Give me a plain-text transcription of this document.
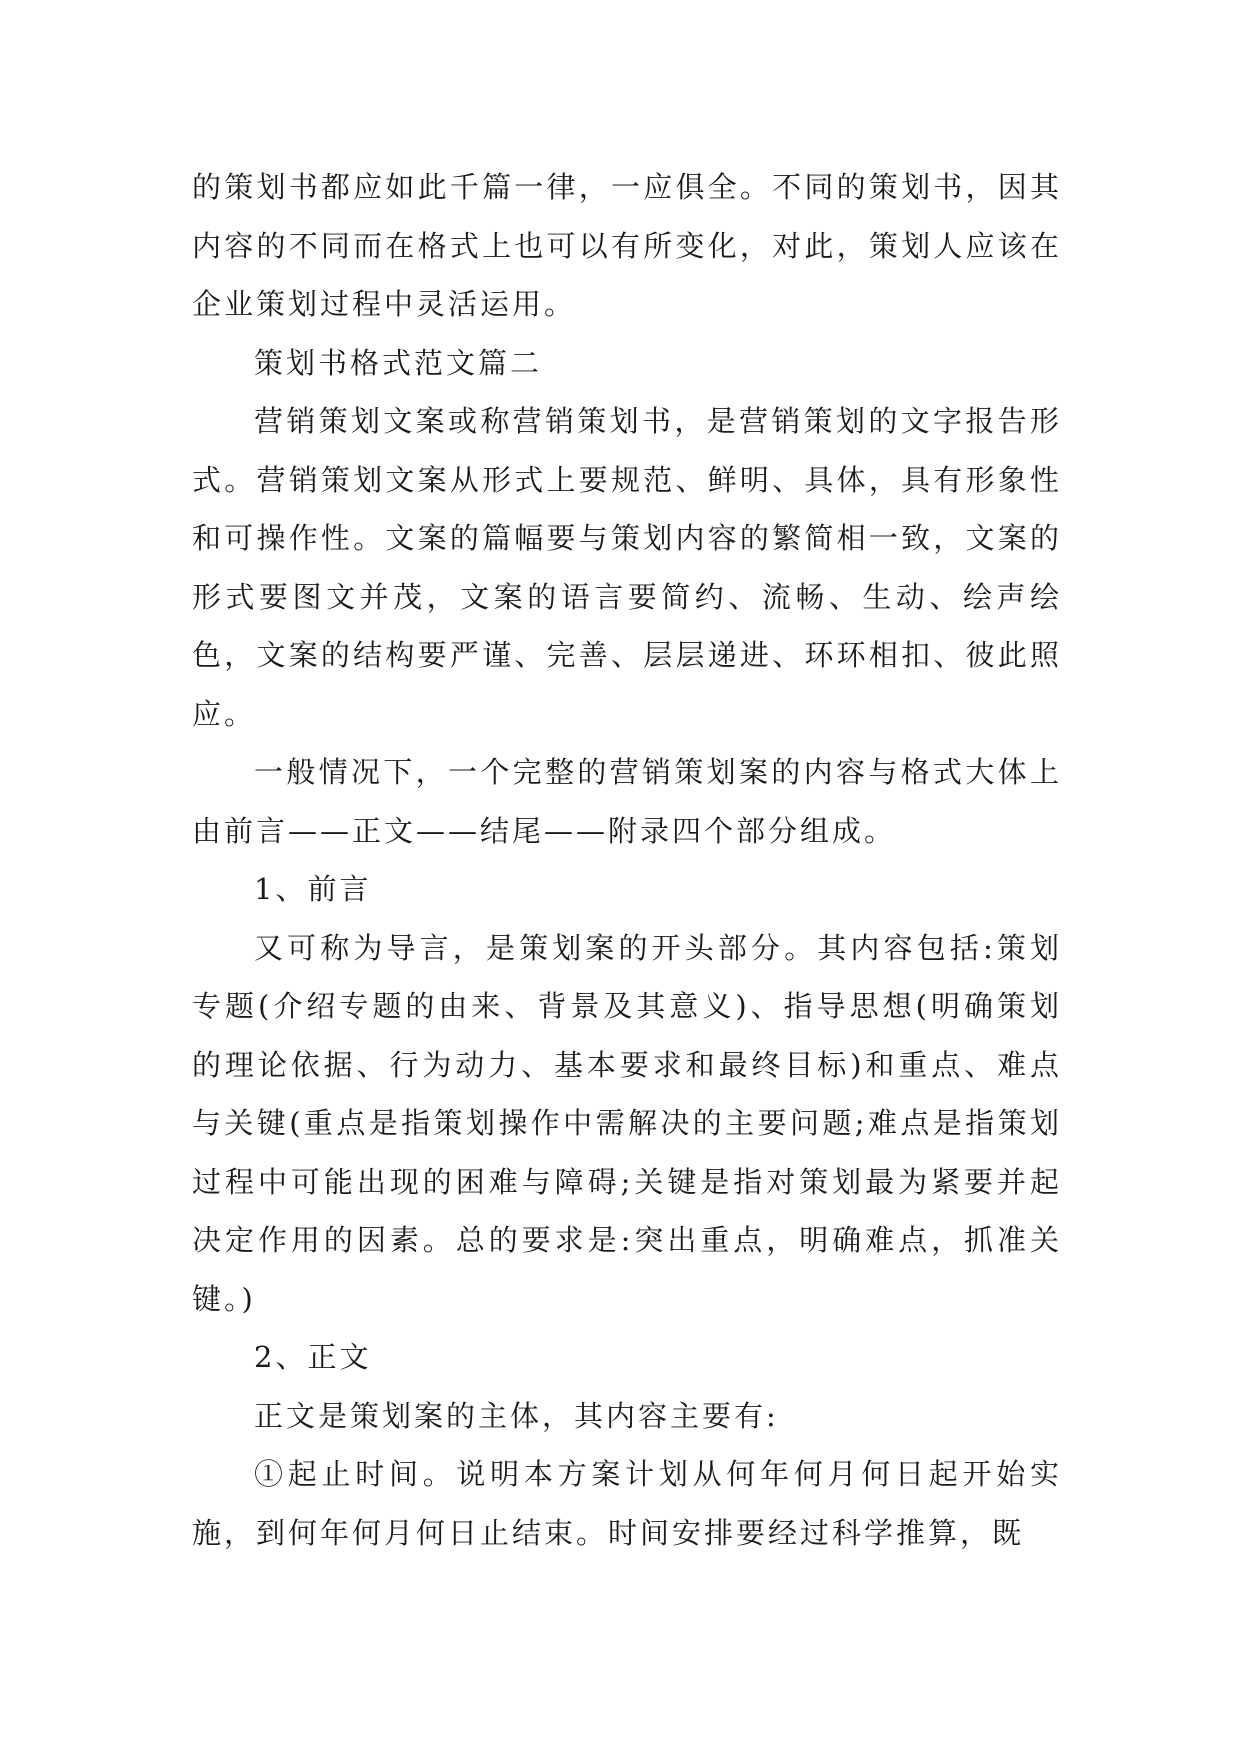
的策划书都应如此千篇一律，一应俱全。不同的策划书，因其内容的不同而在格式上也可以有所变化，对此，策划人应该在企业策划过程中灵活运用。

策划书格式范文篇二

营销策划文案或称营销策划书，是营销策划的文字报告形式。营销策划文案从形式上要规范、鲜明、具体，具有形象性和可操作性。文案的篇幅要与策划内容的繁简相一致，文案的形式要图文并茂，文案的语言要简约、流畅、生动、绘声绘色，文案的结构要严谨、完善、层层递进、环环相扣、彼此照应。

一般情况下，一个完整的营销策划案的内容与格式大体上由前言——正文——结尾——附录四个部分组成。

1、前言

又可称为导言，是策划案的开头部分。其内容包括:策划专题(介绍专题的由来、背景及其意义)、指导思想(明确策划的理论依据、行为动力、基本要求和最终目标)和重点、难点与关键(重点是指策划操作中需解决的主要问题;难点是指策划过程中可能出现的困难与障碍;关键是指对策划最为紧要并起决定作用的因素。总的要求是:突出重点，明确难点，抓准关键。)

2、正文

正文是策划案的主体，其内容主要有:

①起止时间。说明本方案计划从何年何月何日起开始实施，到何年何月何日止结束。时间安排要经过科学推算，既
